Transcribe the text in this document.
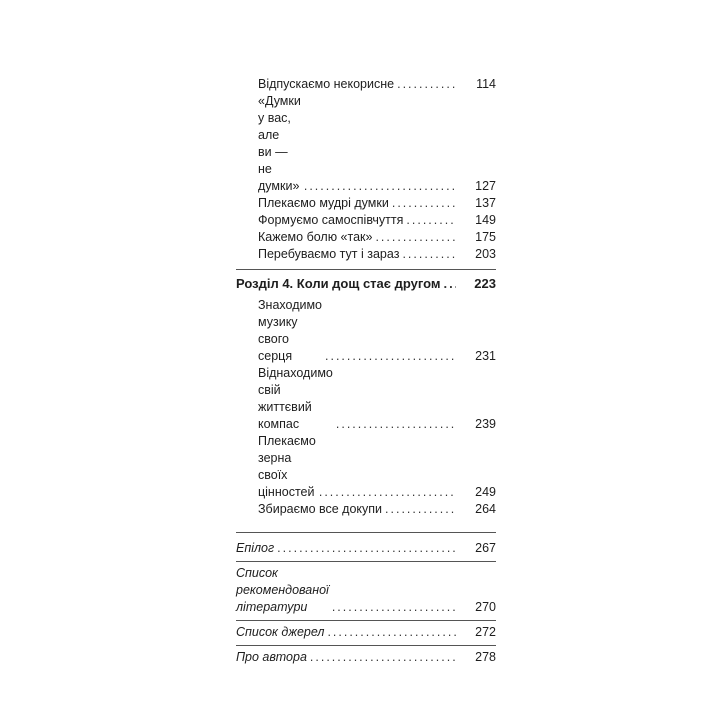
Відпускаємо некорисне .....	114
«Думки у вас, але
ви — не думки» .....	127
Плекаємо мудрі думки .....	137
Формуємо самоспівчуття .....	149
Кажемо болю «так» .....	175
Перебуваємо тут і зараз .....	203
Розділ 4. Коли дощ стає другом .....	223
Знаходимо музику
свого серця .....	231
Віднаходимо свій
життєвий компас .....	239
Плекаємо зерна
своїх цінностей .....	249
Збираємо все докупи .....	264
Епілог .....	267
Список рекомендованої
літератури .....	270
Список джерел .....	272
Про автора .....	278
